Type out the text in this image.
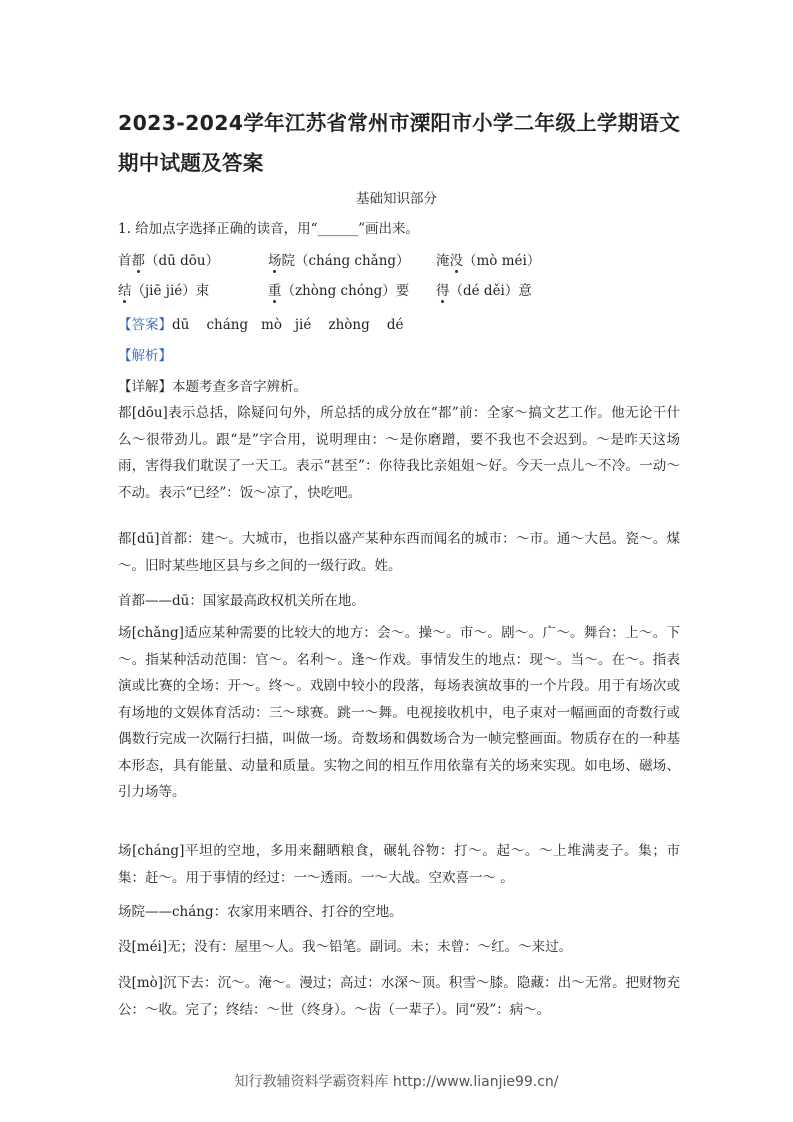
2023-2024学年江苏省常州市溧阳市小学二年级上学期语文期中试题及答案
基础知识部分
1. 给加点字选择正确的读音，用“______”画出来。
首都（dū dōu）	场院（cháng chǎng） 淹没（mò méi）
结（jiē jié）束	重（zhòng chóng）要 得（dé děi）意
【答案】dū    cháng   mò   jié    zhòng    dé
【解析】
【详解】本题考查多音字辨析。
都[dōu]表示总括，除疑问句外，所总括的成分放在“都”前：全家～搞文艺工作。他无论干什么～很带劲儿。跟“是”字合用，说明理由：～是你磨蹭，要不我也不会迟到。～是昨天这场雨，害得我们耽误了一天工。表示“甚至”：你待我比亲姐姐～好。今天一点儿～不冷。一动～不动。表示“已经”：饭～凉了，快吃吧。
都[dū]首都：建～。大城市，也指以盛产某种东西而闻名的城市：～市。通～大邑。瓷～。煤～。旧时某些地区县与乡之间的一级行政。姓。
首都——dū：国家最高政权机关所在地。
场[chǎng]适应某种需要的比较大的地方：会～。操～。市～。剧～。广～。舞台：上～。下～。指某种活动范围：官～。名利～。逢～作戏。事情发生的地点：现～。当～。在～。指表演或比赛的全场：开～。终～。戏剧中较小的段落，每场表演故事的一个片段。用于有场次或有场地的文娱体育活动：三～球赛。跳一～舞。电视接收机中，电子束对一幅画面的奇数行或偶数行完成一次隔行扫描，叫做一场。奇数场和偶数场合为一帧完整画面。物质存在的一种基本形态，具有能量、动量和质量。实物之间的相互作用依靠有关的场来实现。如电场、磁场、引力场等。
场[cháng]平坦的空地，多用来翻晒粮食，碾轧谷物：打～。起～。～上堆满麦子。集；市集：赶～。用于事情的经过：一～透雨。一～大战。空欢喜一～ 。
场院——cháng：农家用来晒谷、打谷的空地。
没[méi]无；没有：屋里～人。我～铅笔。副词。未；未曾：～红。～来过。
没[mò]沉下去：沉～。淹～。漫过；高过：水深～顶。积雪～膝。隐藏：出～无常。把财物充公：～收。完了；终结：～世（终身）。～齿（一辈子）。同“殁”：病～。
知行教辅资料学霸资料库 http://www.lianjie99.cn/
